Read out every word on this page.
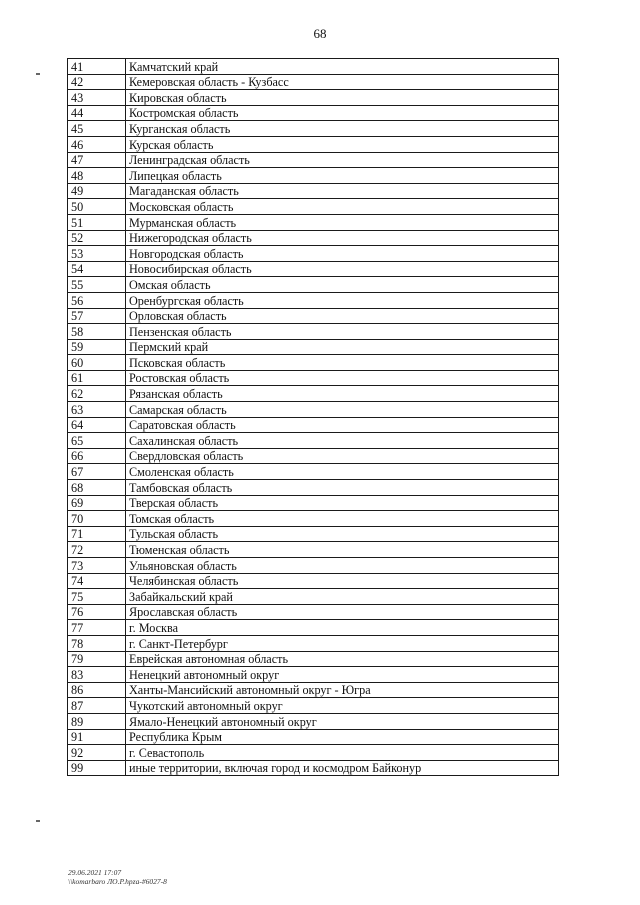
68
41	Камчатский край
42	Кемеровская область - Кузбасс
43	Кировская область
44	Костромская область
45	Курганская область
46	Курская область
47	Ленинградская область
48	Липецкая область
49	Магаданская область
50	Московская область
51	Мурманская область
52	Нижегородская область
53	Новгородская область
54	Новосибирская область
55	Омская область
56	Оренбургская область
57	Орловская область
58	Пензенская область
59	Пермский край
60	Псковская область
61	Ростовская область
62	Рязанская область
63	Самарская область
64	Саратовская область
65	Сахалинская область
66	Свердловская область
67	Смоленская область
68	Тамбовская область
69	Тверская область
70	Томская область
71	Тульская область
72	Тюменская область
73	Ульяновская область
74	Челябинская область
75	Забайкальский край
76	Ярославская область
77	г. Москва
78	г. Санкт-Петербург
79	Еврейская автономная область
83	Ненецкий автономный округ
86	Ханты-Мансийский автономный округ - Югра
87	Чукотский автономный округ
89	Ямало-Ненецкий автономный округ
91	Республика Крым
92	г. Севастополь
99	иные территории, включая город и космодром Байконур
29.06.2021 17:07
\\komarbaro ЛО.Р.hpza-#6027-8
